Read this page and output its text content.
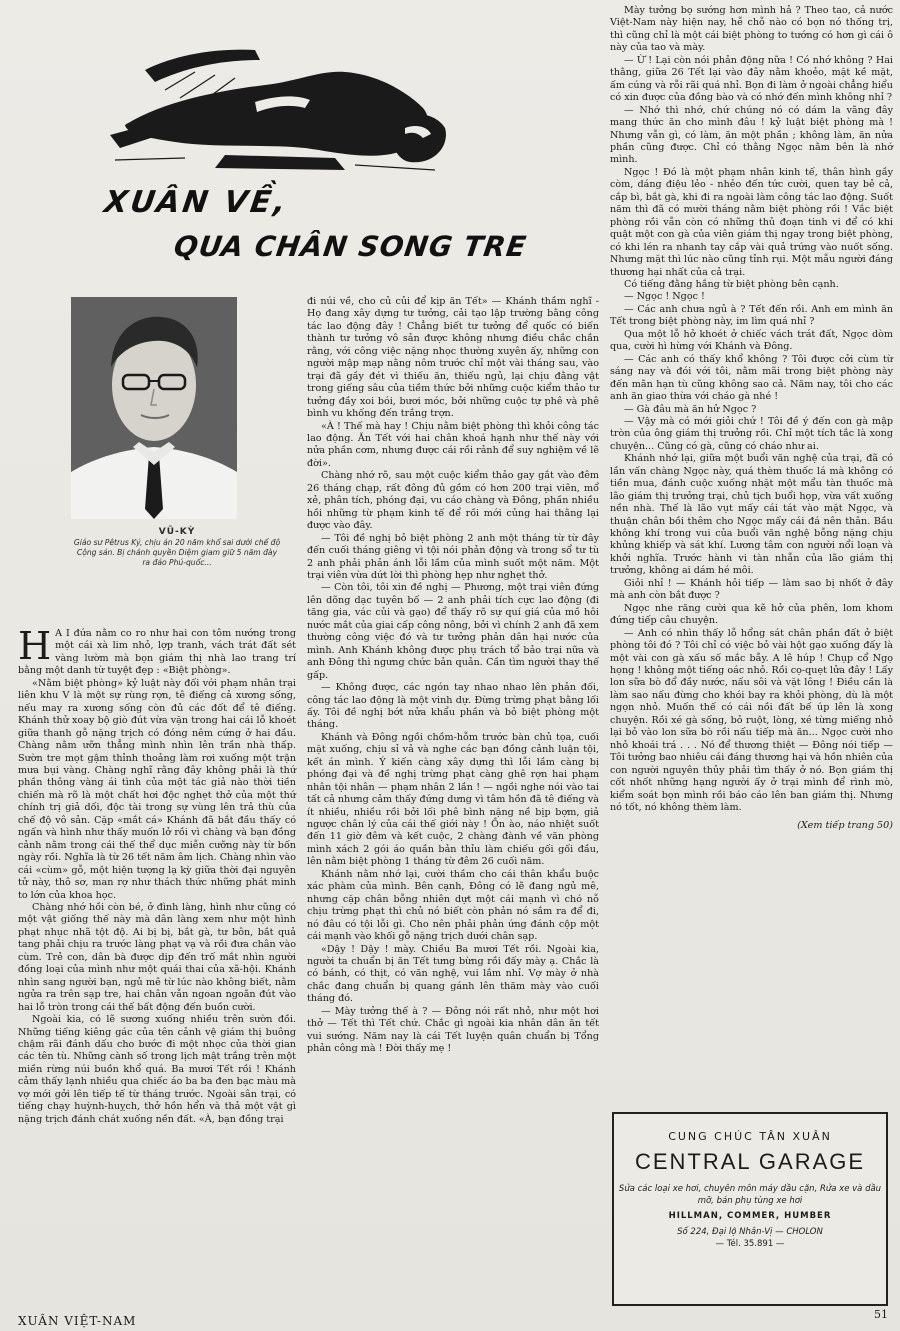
XUÂN VỀ,
QUA CHÂN SONG TRE
VŨ-KỲ
Giáo sư Pêtrus Ký, chịu án 20 năm khổ sai dưới chế độ Cộng sản. Bị chánh quyền Diệm giam giữ 5 năm đày ra đảo Phú-quốc...

H A I đứa nằm co ro như hai con tôm nướng trong một cái xà lim nhỏ, lợp tranh, vách trát đất sét vàng lườm mà bọn giám thị nhà lao trang trí bằng một danh từ tuyệt đẹp : «Biệt phòng».

«Nằm biệt phòng» kỷ luật này đối với phạm nhân trại liên khu V là một sự rùng rợn, tê điếng cả xương sống, nếu may ra xương sống còn đủ các đốt để tê điếng. Khánh thử xoay bộ giò đút vừa vặn trong hai cái lỗ khoét giữa thanh gỗ nặng trịch có đóng nêm cứng ở hai đầu. Chàng nằm ưỡn thẳng mình nhìn lên trần nhà thấp. Sườn tre mọt gậm thỉnh thoảng làm rơi xuống một trận mưa bụi vàng. Chàng nghĩ rằng đây không phải là thứ phần thông vàng ái tình của một tác giả nào thời tiền chiến mà rõ là một chất hơi độc nghẹt thở của một thứ chính trị giả dối, độc tài trong sự vùng lên trả thù của chế độ vô sản. Cặp «mắt cá» Khánh đã bắt đầu thấy có ngấn và hình như thấy muốn lở rồi vì chàng và bạn đồng cảnh nằm trong cái thế thể dục miễn cưỡng này từ bốn ngày rồi. Nghĩa là từ 26 tết năm âm lịch. Chàng nhìn vào cái «cùm» gỗ, một hiện tượng lạ kỳ giữa thời đại nguyên tử này, thô sơ, man rợ như thách thức những phát minh to lớn của khoa học.

Chàng nhớ hồi còn bé, ở đình làng, hình như cũng có một vật giống thế này mà dân làng xem như một hình phạt nhục nhã tột độ. Ai bị bị, bắt gà, tư bôn, bắt quả tang phải chịu ra trước làng phạt vạ và rồi đưa chân vào cùm. Trẻ con, dân bà được dịp đến trố mắt nhìn người đồng loại của mình như một quái thai của xã-hội. Khánh nhìn sang người bạn, ngủ mê từ lúc nào không biết, nằm ngửa ra trên sạp tre, hai chân vẫn ngoan ngoãn đút vào hai lỗ tròn trong cái thế bất động đến buồn cười.

Ngoài kia, có lẽ sương xuống nhiều trên sườn đồi. Những tiếng kiêng gác của tên cảnh vệ giám thị buông chậm rãi đánh dấu cho bước đi một nhọc của thời gian các tên tù. Những cành số trong lịch mật trắng trên một miền rừng núi buồn khổ quá. Ba mươi Tết rồi ! Khánh cảm thấy lạnh nhiều qua chiếc áo ba ba đen bạc màu mà vợ mới gởi lên tiếp tế từ tháng trước. Ngoài sân trại, có tiếng chạy huỳnh-huỵch, thở hồn hển và thả một vật gì nặng trịch đánh chát xuống nền đất. «À, bạn đồng trại

đi núi về, cho củ củi để kịp ăn Tết» — Khánh thầm nghĩ - Họ đang xây dựng tư tưởng, cải tạo lập trường bằng công tác lao động đây ! Chẳng biết tư tưởng để quốc có biến thành tư tưởng vô sản được không nhưng điều chắc chắn rằng, với công việc nặng nhọc thường xuyên ấy, những con người mập mạp nằng nôm trước chỉ một vài tháng sau, vào trại đã gầy đét vì thiếu ăn, thiếu ngủ, lại chịu đằng vật trong giếng sâu của tiềm thức bởi những cuộc kiểm thảo tư tưởng đầy xoi bói, bươi móc, bởi những cuộc tự phê và phê bình vu khống đến trắng trợn.

«À ! Thế mà hay ! Chịu nằm biệt phòng thì khỏi công tác lao động. Ăn Tết với hai chân khoá hạnh như thế này với nửa phần cơm, nhưng được cái rồi rảnh để suy nghiệm về lẽ đời».

Chàng nhớ rõ, sau một cuộc kiểm thảo gay gắt vào đêm 26 tháng chạp, rất đông đủ gồm có hơn 200 trại viên, mổ xẻ, phân tích, phóng đại, vu cáo chàng và Đông, phần nhiều hồi những từ phạm kinh tế để rồi mới củng hai thằng lại được vào đây.

— Tôi đề nghị bỏ biệt phòng 2 anh một tháng từ từ đây đến cuối tháng giêng vì tội nói phản động và trong sổ tư tù 2 anh phải phản ánh lỗi lầm của mình suốt một năm. Một trại viên vừa dứt lời thì phòng hẹp như nghẹt thở.

— Còn tôi, tôi xin đề nghị — Phương, một trại viên đứng lên dõng dạc tuyên bố — 2 anh phải tích cực lao động (đi tăng gia, vác củi và gạo) để thấy rõ sự quí giá của mồ hôi nước mắt của giai cấp công nông, bởi vì chính 2 anh đã xem thường công việc đó và tư tưởng phản dân hại nước của mình. Anh Khánh không được phụ trách tổ bảo trại nữa và anh Đông thì ngưng chức bản quản. Cần tìm người thay thế gấp.

— Không được, các ngón tay nhao nhao lên phản đối, công tác lao động là một vinh dự. Đừng trừng phạt bằng lối ấy. Tôi đề nghị bớt nửa khẩu phần và bỏ biệt phòng một tháng.

Khánh và Đông ngồi chồm-hỗm trước bàn chủ tọa, cuối mặt xuống, chịu sỉ vả và nghe các bạn đồng cảnh luận tội, kết án mình. Ý kiến càng xây dựng thì lỗi lầm càng bị phóng đại và đề nghị trừng phạt càng ghê rợn hai phạm nhân tội nhân — phạm nhân 2 lần ! — ngồi nghe nói vào tai tất cả nhưng cảm thấy đứng dưng vì tâm hồn đã tê điếng và ít nhiều, nhiều rồi bởi lối phê bình nặng nề bịp bợm, giả ngược chân lý của cái thế giới này ! Ồn ào, náo nhiệt suốt đến 11 giờ đêm và kết cuộc, 2 chàng đành về văn phòng mình xách 2 gói áo quần bản thỉu làm chiếu gối gối đầu, lên nằm biệt phòng 1 tháng từ đêm 26 cuối năm.

Khánh nằm nhớ lại, cười thầm cho cái thân khẩu buộc xác phàm của mình. Bên cạnh, Đông có lẽ đang ngủ mê, nhưng cặp chân bỗng nhiên dựt một cái mạnh vì chó nỗ chịu trừng phạt thì chủ nó biết còn phản nó sắm ra để đi, nó đâu có tội lỗi gì. Cho nên phải phản ứng đánh cộp một cái mạnh vào khối gỗ nặng trịch dưới chân sạp.

«Dậy ! Dậy ! mày. Chiều Ba mươi Tết rồi. Ngoài kia, người ta chuẩn bị ăn Tết tưng bừng rồi đấy mày ạ. Chắc là có bánh, có thịt, có văn nghệ, vui lắm nhỉ. Vợ mày ở nhà chắc đang chuẩn bị quang gánh lên thăm mày vào cuối tháng đó.

— Mày tưởng thế à ? — Đông nói rất nhỏ, như một hơi thở — Tết thì Tết chứ. Chắc gì ngoài kia nhân dân ăn tết vui sướng. Năm nay là cái Tết luyện quân chuẩn bị Tổng phản công mà ! Đời thấy mẹ !

Mày tưởng bọ sướng hơn mình hả ? Theo tao, cả nước Việt-Nam này hiện nay, hễ chỗ nào có bọn nó thống trị, thì cũng chỉ là một cái biệt phòng to tướng có hơn gì cái ô này của tao và mày.

— Ừ ! Lại còn nói phản động nữa ! Có nhớ không ? Hai thằng, giữa 26 Tết lại vào đây nằm khoẻo, mặt kề mặt, ấm cúng và rỗi rãi quá nhỉ. Bọn đi làm ở ngoài chẳng hiểu có xin được của đồng bào và có nhớ đến mình không nhỉ ?

— Nhớ thì nhớ, chứ chúng nó có dám la vãng đây mang thức ăn cho mình đâu ! kỷ luật biệt phòng mà ! Nhưng vẫn gì, có làm, ăn một phần ; không làm, ăn nửa phần cũng được. Chỉ có thằng Ngọc nằm bên là nhớ mình.

Ngọc ! Đó là một phạm nhân kinh tế, thân hình gầy còm, dáng điệu lẻo - nhẻo đến tức cười, quen tay bẻ cả, cắp bì, bắt gà, khi đi ra ngoài làm công tác lao động. Suốt năm thì đã có mười tháng nằm biệt phòng rồi ! Vắc biệt phòng rồi vẫn còn có những thủ đoạn tinh vi để có khi quật một con gà của viên giám thị ngay trong biệt phòng, có khi lén ra nhanh tay cắp vài quả trứng vào nuốt sống. Nhưng mặt thì lúc nào cũng tỉnh rụi. Một mẫu người đáng thương hại nhất của cả trại.

Có tiếng đằng hắng từ biệt phòng bên cạnh.

— Ngọc ! Ngọc !

— Các anh chưa ngủ à ? Tết đến rồi. Anh em mình ăn Tết trong biệt phòng này, im lìm quá nhỉ ?

Qua một lỗ hở khoét ở chiếc vách trát đất, Ngọc dòm qua, cười hì hừng với Khánh và Đông.

— Các anh có thấy khổ không ? Tôi được cởi cùm từ sáng nay và đói với tôi, nằm mãi trong biệt phòng này đến mãn hạn tù cũng không sao cả. Năm nay, tôi cho các anh ăn giao thừa với cháo gà nhé !

— Gà đâu mà ăn hử Ngọc ?

— Vậy mà có mới giỏi chứ ! Tôi đề ý đến con gà mập tròn của ông giám thị trưởng rồi. Chỉ một tích tắc là xong chuyện... Cũng có gà, cũng có cháo như ai.

Khánh nhớ lại, giữa một buổi văn nghệ của trại, đã có lần vấn chàng Ngọc này, quá thèm thuốc lá mà không có tiền mua, đánh cuộc xuống nhặt một mẩu tàn thuốc mà lão giám thị trưởng trại, chủ tịch buổi họp, vừa vất xuống nền nhà. Thế là lão vụt mấy cái tát vào mặt Ngọc, và thuận chân bồi thêm cho Ngọc mấy cái đá nên thân. Bầu không khí trong vui của buổi văn nghệ bỗng nặng chịu khủng khiếp và sát khí. Lương tâm con người nổi loạn và khởi nghĩa. Trước hành vi tàn nhẫn của lão giám thị trưởng, không ai dám hé môi.

Giỏi nhỉ ! — Khánh hỏi tiếp — làm sao bị nhốt ở đây mà anh còn bắt được ?

Ngọc nhe răng cười qua kẽ hở của phên, lom khom đứng tiếp câu chuyện.

— Anh có nhìn thấy lỗ hổng sát chân phần đất ở biệt phòng tôi đó ? Tôi chỉ có việc bỏ vài hột gạo xuống đấy là một vài con gà xấu số mắc bẫy. A lê húp ! Chụp cổ Ngọ họng ! không một tiếng oác nhỏ. Rồi cọ-quẹt lửa đây ! Lấy lon sữa bò đổ đầy nước, nấu sôi và vặt lông ! Điều cần là làm sao nấu đừng cho khói bay ra khỏi phòng, dù là một ngọn nhỏ. Muốn thế có cái nồi đất bế úp lên là xong chuyện. Rồi xé gà sống, bỏ ruột, lòng, xé từng miếng nhỏ lại bỏ vào lon sữa bò rồi nấu tiếp mà ăn... Ngọc cười nho nhỏ khoái trá . . . Nó để thương thiệt — Đông nói tiếp — Tôi tưởng bao nhiêu cái đáng thương hại và hồn nhiên của con người nguyên thủy phải tìm thấy ở nó. Bọn giám thị cốt nhốt những hạng người ấy ở trại mình để rình mò, kiểm soát bọn mình rồi báo cáo lên ban giám thị. Nhưng nó tốt, nó không thèm làm.

(Xem tiếp trang 50)
CUNG CHÚC TÂN XUÂN
CENTRAL GARAGE
Sửa các loại xe hơi, chuyên môn máy dầu cặn, Rửa xe và dầu mỡ, bán phụ tùng xe hơi
HILLMAN, COMMER, HUMBER
Số 224, Đại lộ Nhân-Vị — CHOLON
— Tél. 35.891 —
XUÂN VIỆT-NAM	51
